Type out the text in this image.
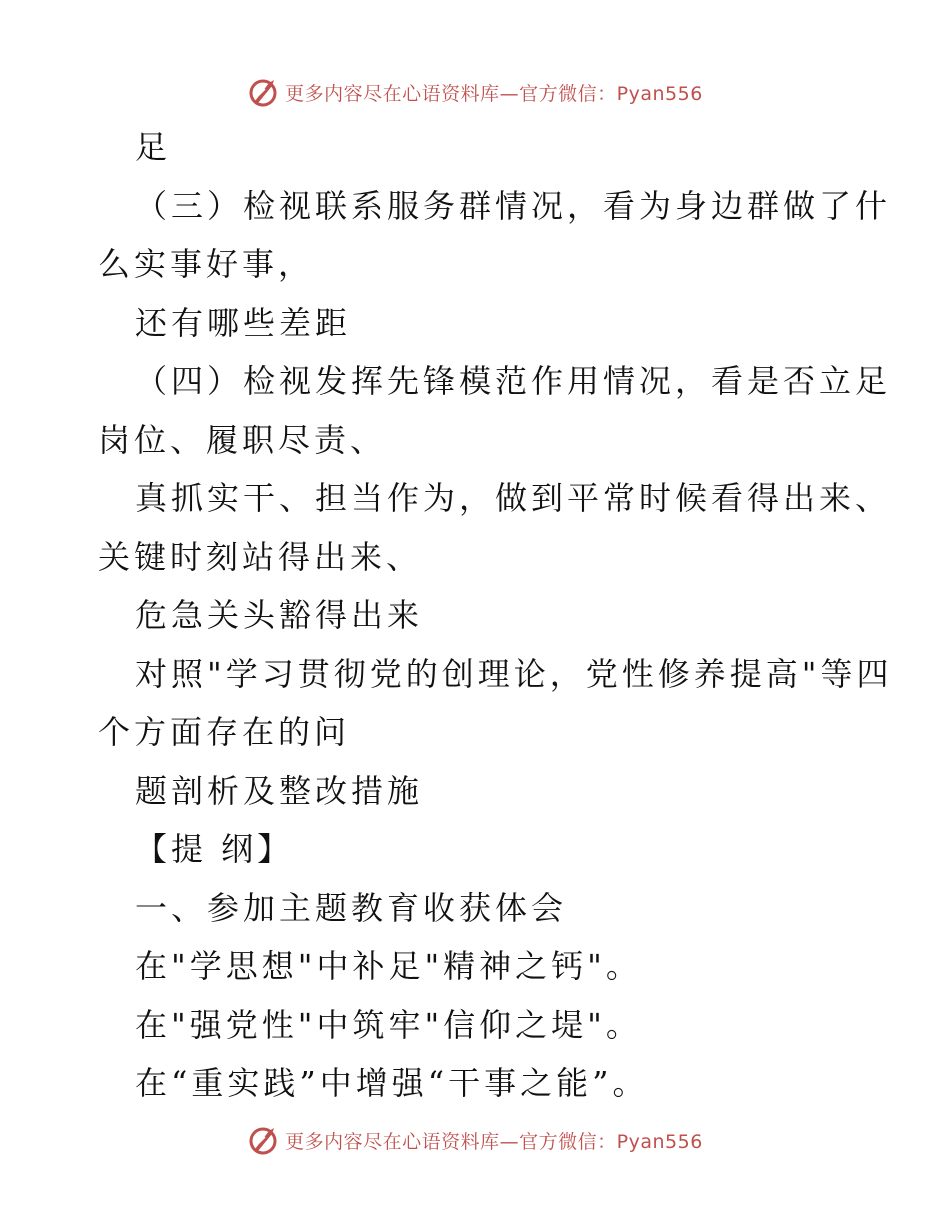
更多内容尽在心语资料库—官方微信：Pyan556
足
（三）检视联系服务群情况，看为身边群做了什
么实事好事，
还有哪些差距
（四）检视发挥先锋模范作用情况，看是否立足
岗位、履职尽责、
真抓实干、担当作为，做到平常时候看得出来、
关键时刻站得出来、
危急关头豁得出来
对照"学习贯彻党的创理论，党性修养提高"等四
个方面存在的问
题剖析及整改措施
【提 纲】
一、参加主题教育收获体会
在"学思想"中补足"精神之钙"。
在"强党性"中筑牢"信仰之堤"。
在“重实践”中增强“干事之能”。
更多内容尽在心语资料库—官方微信：Pyan556
